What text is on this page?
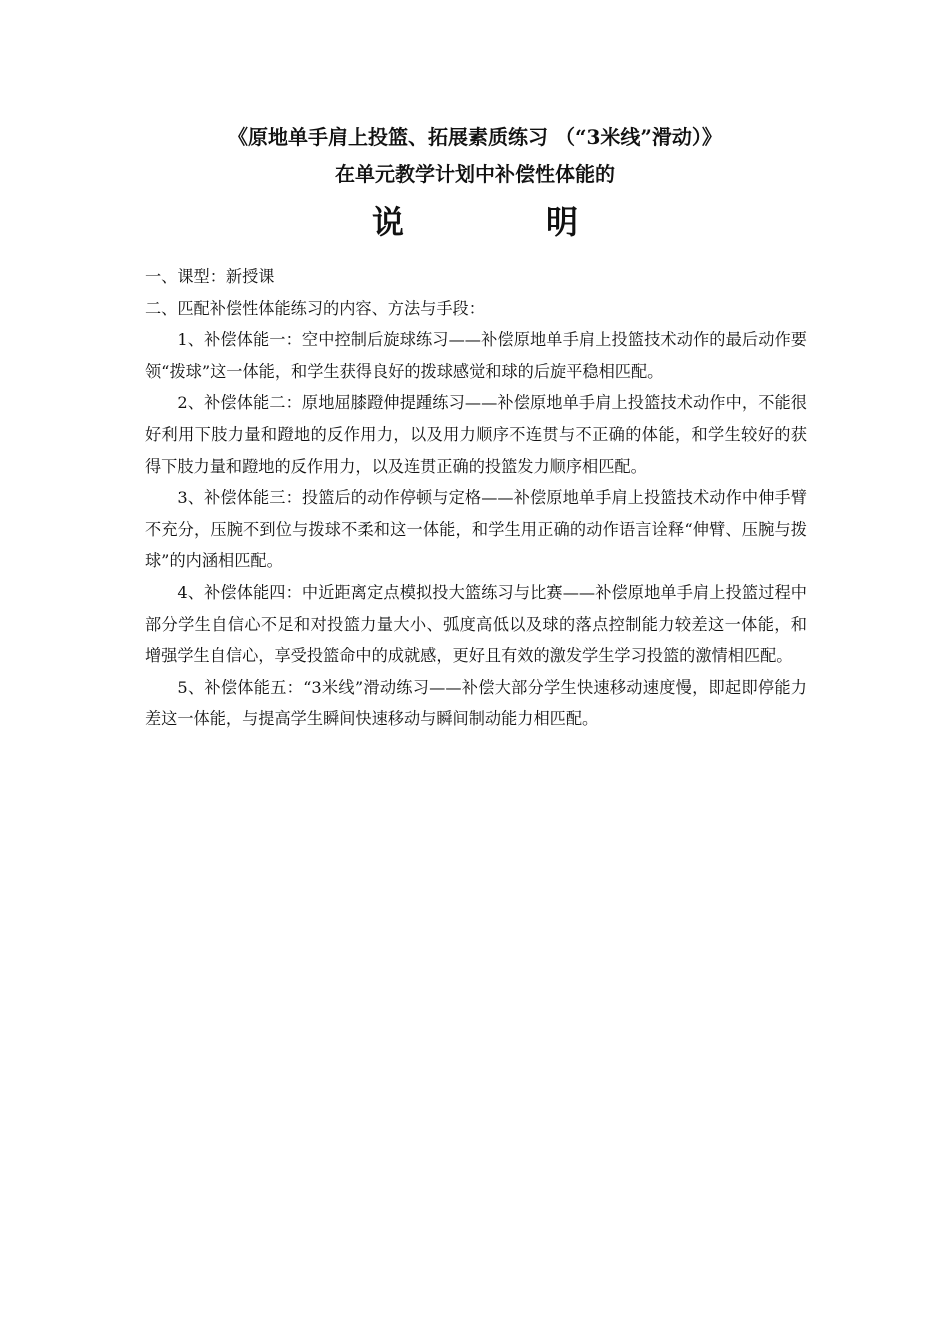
《原地单手肩上投篮、拓展素质练习 （“3米线”滑动）》
在单元教学计划中补偿性体能的
说	明

一、课型：新授课

二、匹配补偿性体能练习的内容、方法与手段：

1、补偿体能一：空中控制后旋球练习——补偿原地单手肩上投篮技术动作的最后动作要领“拨球”这一体能，和学生获得良好的拨球感觉和球的后旋平稳相匹配。

2、补偿体能二：原地屈膝蹬伸提踵练习——补偿原地单手肩上投篮技术动作中，不能很好利用下肢力量和蹬地的反作用力，以及用力顺序不连贯与不正确的体能，和学生较好的获得下肢力量和蹬地的反作用力，以及连贯正确的投篮发力顺序相匹配。

3、补偿体能三：投篮后的动作停顿与定格——补偿原地单手肩上投篮技术动作中伸手臂不充分，压腕不到位与拨球不柔和这一体能，和学生用正确的动作语言诠释“伸臂、压腕与拨球”的内涵相匹配。

4、补偿体能四：中近距离定点模拟投大篮练习与比赛——补偿原地单手肩上投篮过程中部分学生自信心不足和对投篮力量大小、弧度高低以及球的落点控制能力较差这一体能，和增强学生自信心，享受投篮命中的成就感，更好且有效的激发学生学习投篮的激情相匹配。

5、补偿体能五：“3米线”滑动练习——补偿大部分学生快速移动速度慢，即起即停能力差这一体能，与提高学生瞬间快速移动与瞬间制动能力相匹配。
